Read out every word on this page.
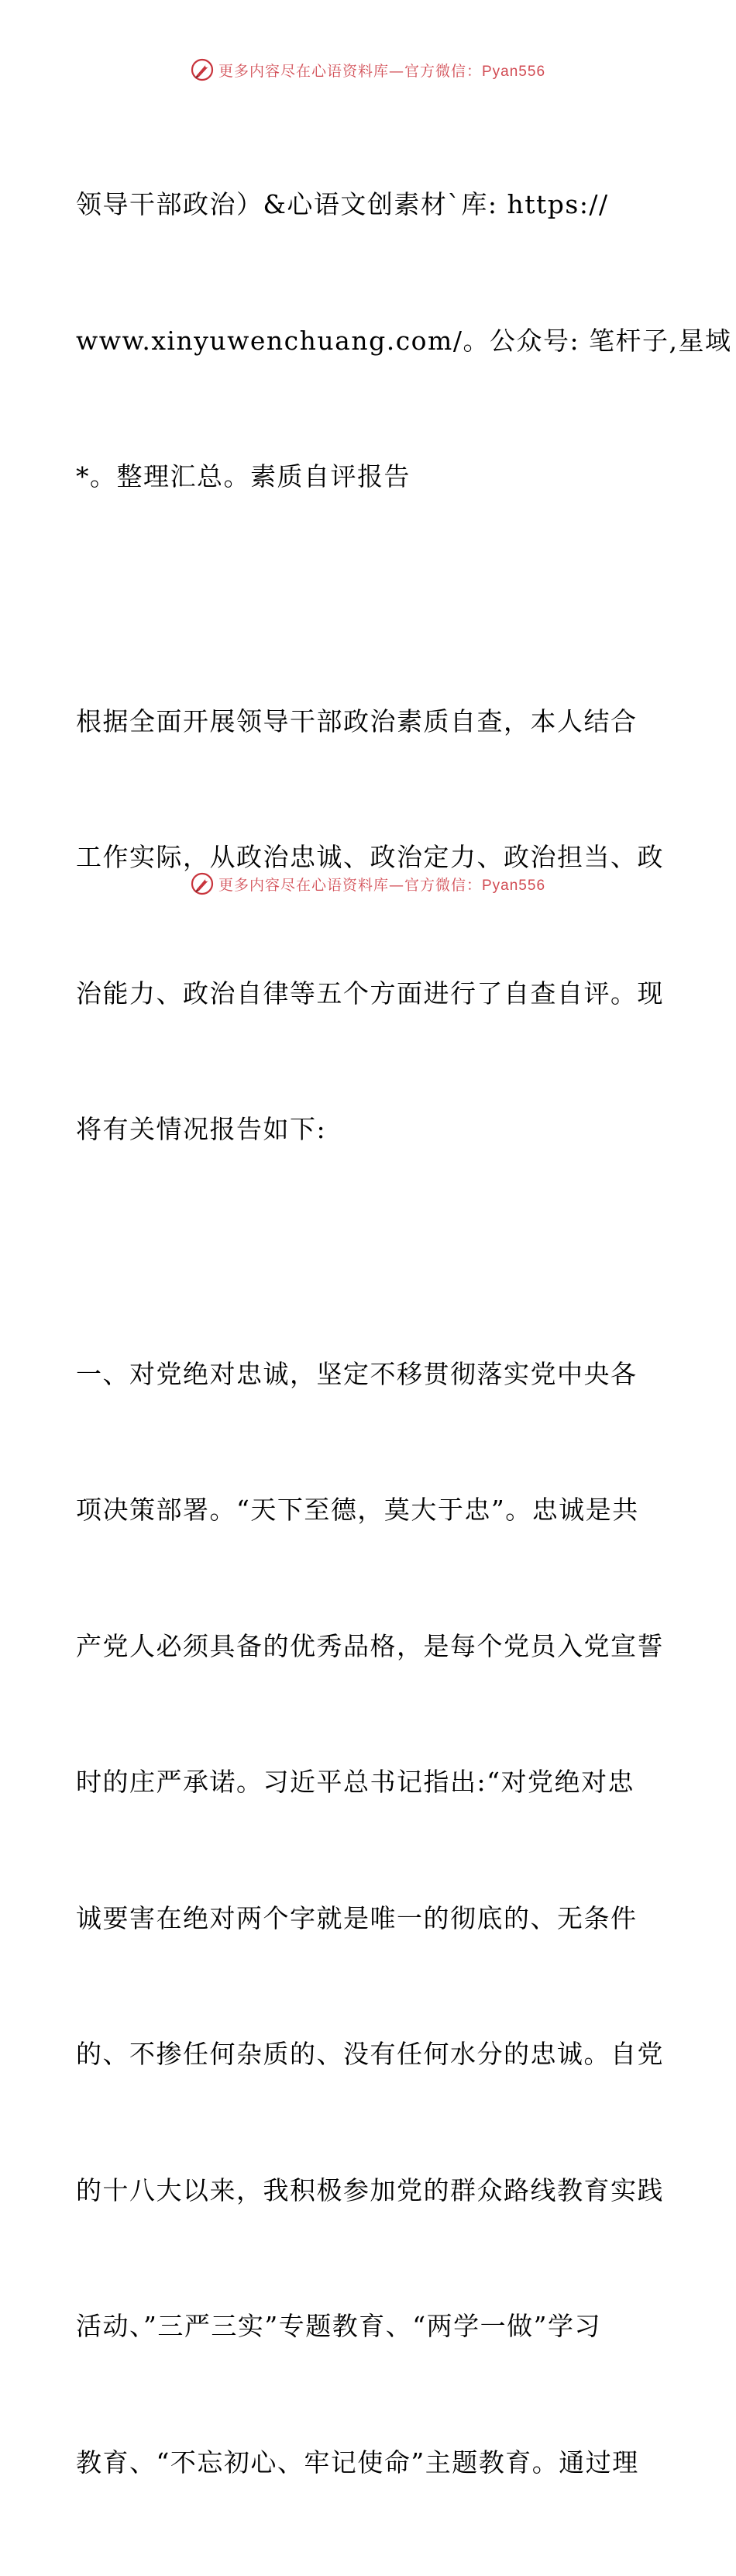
更多内容尽在心语资料库—官方微信：Pyan556

领导干部政治）&心语文创素材`库: https://

www.xinyuwenchuang.com/。公众号: 笔杆子,星域

*。整理汇总。素质自评报告

根据全面开展领导干部政治素质自查，本人结合

工作实际，从政治忠诚、政治定力、政治担当、政

治能力、政治自律等五个方面进行了自查自评。现

将有关情况报告如下:

一、对党绝对忠诚，坚定不移贯彻落实党中央各

项决策部署。“天下至德，莫大于忠”。忠诚是共

产党人必须具备的优秀品格，是每个党员入党宣誓

时的庄严承诺。习近平总书记指出:“对党绝对忠

诚要害在绝对两个字就是唯一的彻底的、无条件

的、不掺任何杂质的、没有任何水分的忠诚。自党

的十八大以来，我积极参加党的群众路线教育实践

活动、”三严三实”专题教育、“两学一做”学习

教育、“不忘初心、牢记使命”主题教育。通过理

更多内容尽在心语资料库—官方微信：Pyan556
